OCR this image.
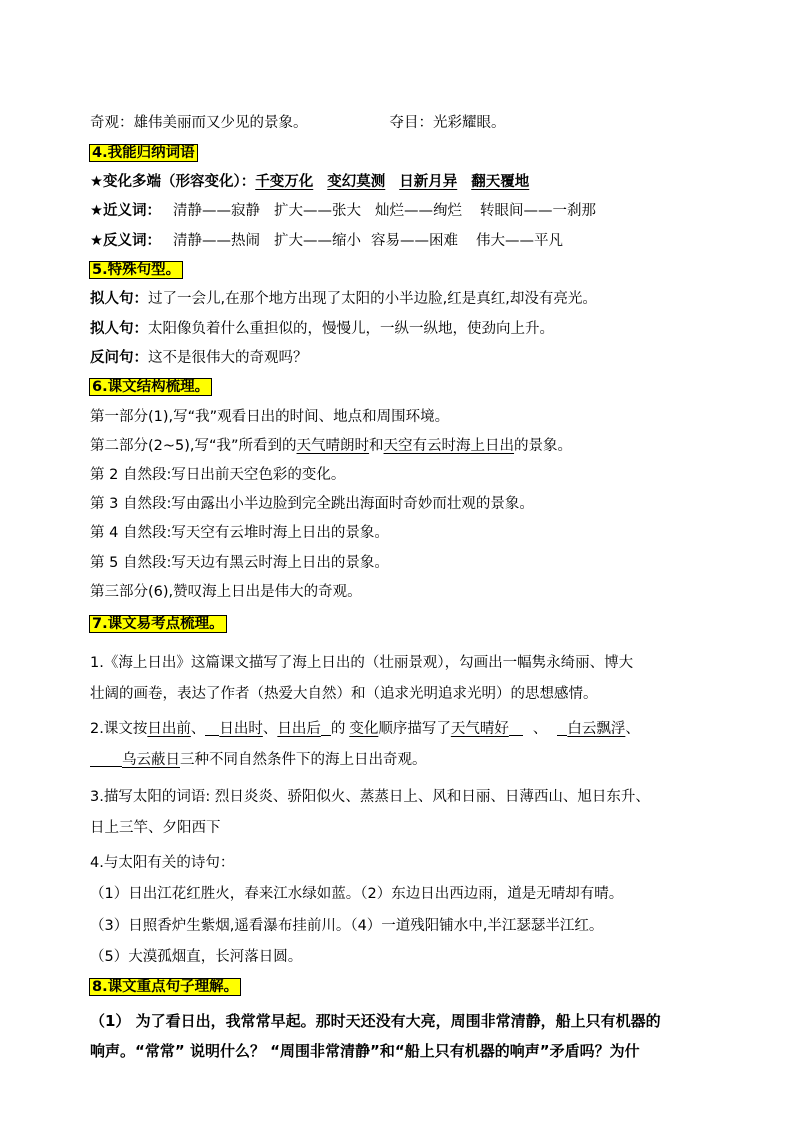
奇观：雄伟美丽而又少见的景象。	夺目：光彩耀眼。
4.我能归纳词语
★变化多端（形容变化）：千变万化 变幻莫测 日新月异 翻天覆地
★近义词： 清静——寂静 扩大——张大 灿烂——绚烂 转眼间——一刹那
★反义词： 清静——热闹 扩大——缩小 容易——困难 伟大——平凡
5.特殊句型。
拟人句：过了一会儿,在那个地方出现了太阳的小半边脸,红是真红,却没有亮光。
拟人句：太阳像负着什么重担似的，慢慢儿，一纵一纵地，使劲向上升。
反问句：这不是很伟大的奇观吗？
6.课文结构梳理。
第一部分(1),写“我”观看日出的时间、地点和周围环境。
第二部分(2~5),写“我”所看到的天气晴朗时和天空有云时海上日出的景象。
第 2 自然段:写日出前天空色彩的变化。
第 3 自然段:写由露出小半边脸到完全跳出海面时奇妙而壮观的景象。
第 4 自然段:写天空有云堆时海上日出的景象。
第 5 自然段:写天边有黑云时海上日出的景象。
第三部分(6),赞叹海上日出是伟大的奇观。
7.课文易考点梳理。
1.《海上日出》这篇课文描写了海上日出的（壮丽景观），勾画出一幅隽永绮丽、博大
壮阔的画卷，表达了作者（热爱大自然）和（追求光明追求光明）的思想感情。
2.课文按日出前、 日出时、日出后 的 变化顺序描写了天气晴好 、 白云飘浮、
乌云蔽日三种不同自然条件下的海上日出奇观。
3.描写太阳的词语: 烈日炎炎、骄阳似火、蒸蒸日上、风和日丽、日薄西山、旭日东升、
日上三竿、夕阳西下
4.与太阳有关的诗句：
（1）日出江花红胜火，春来江水绿如蓝。（2）东边日出西边雨，道是无晴却有晴。
（3）日照香炉生紫烟,遥看瀑布挂前川。（4）一道残阳铺水中,半江瑟瑟半江红。
（5）大漠孤烟直，长河落日圆。
8.课文重点句子理解。
（1） 为了看日出，我常常早起。那时天还没有大亮，周围非常清静，船上只有机器的
响声。“常常” 说明什么？ “周围非常清静”和“船上只有机器的响声”矛盾吗？为什
